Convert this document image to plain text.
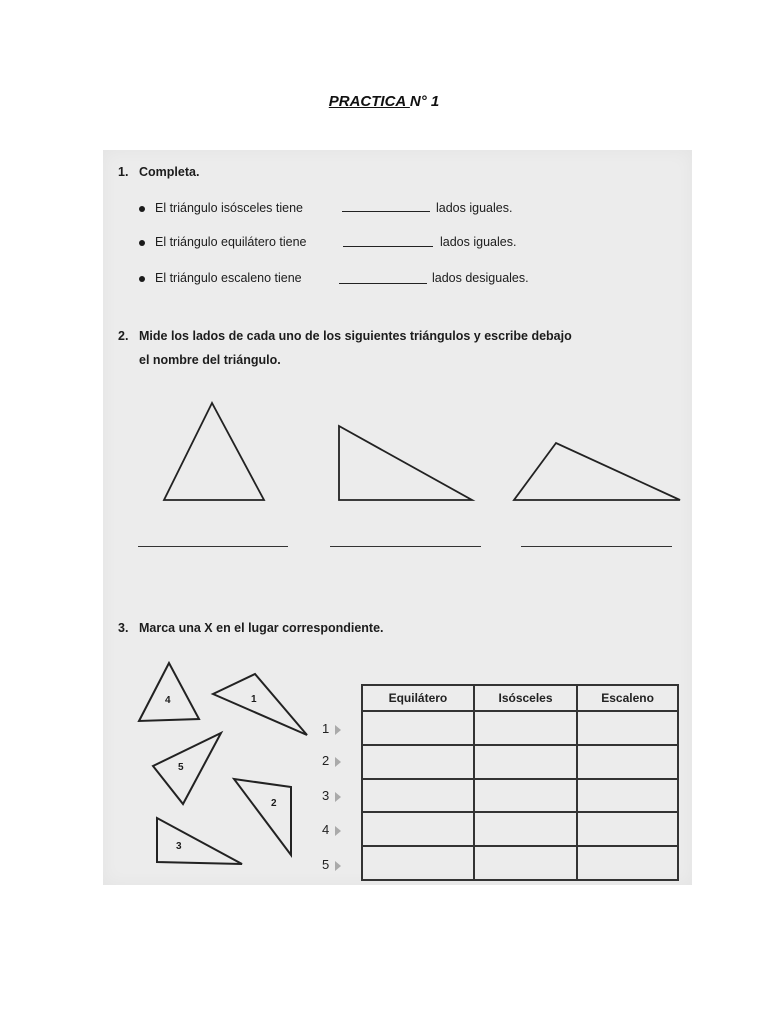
PRACTICA N° 1
1. Completa.
El triángulo isósceles tiene	lados iguales.
El triángulo equilátero tiene	lados iguales.
El triángulo escaleno tiene	lados desiguales.
2. Mide los lados de cada uno de los siguientes triángulos y escribe debajo
el nombre del triángulo.
3. Marca una X en el lugar correspondiente.
4	1
5
2
3
1
2
3
4
5
Equilátero	Isósceles	Escaleno
